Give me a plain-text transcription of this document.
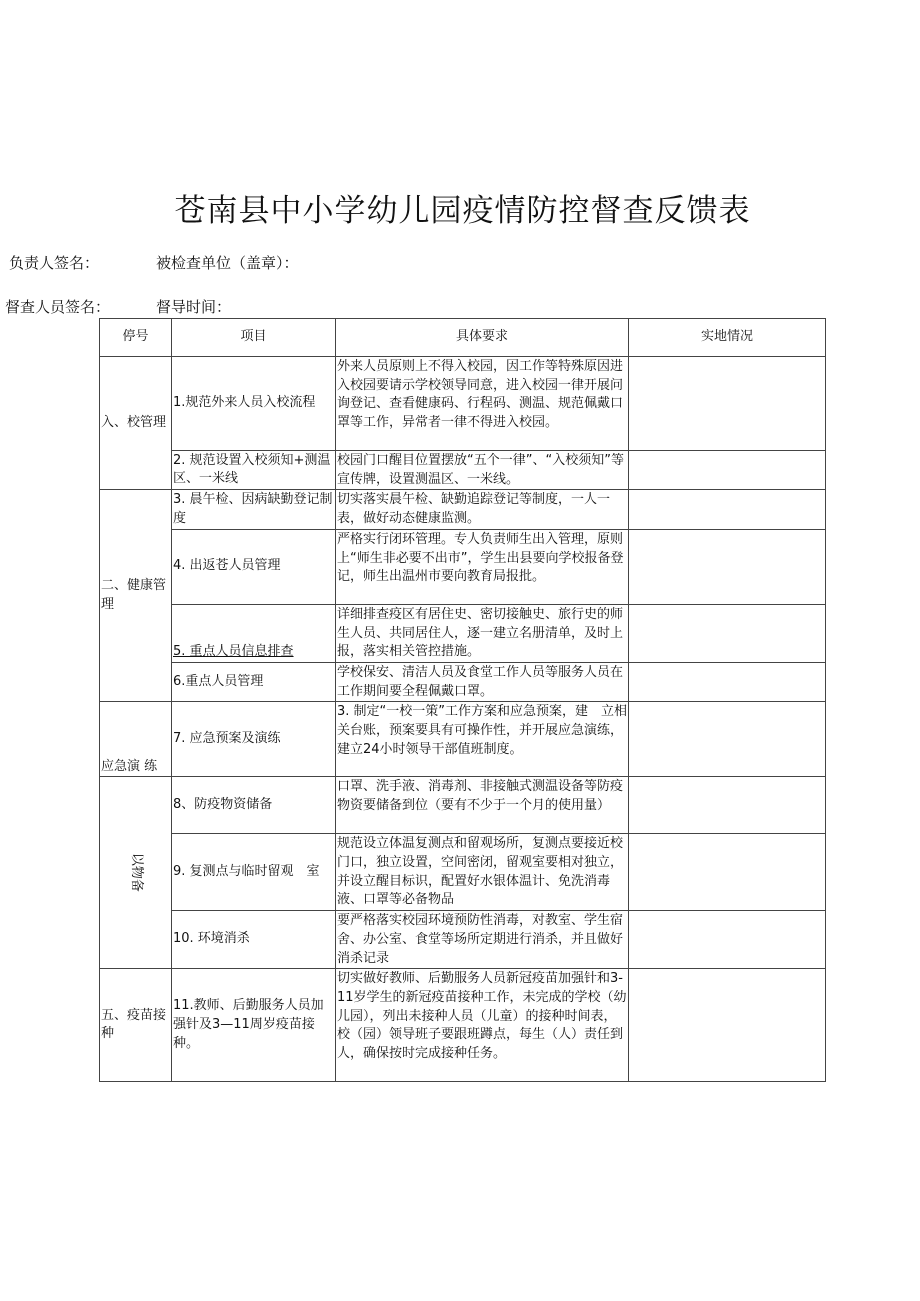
苍南县中小学幼儿园疫情防控督查反馈表
负责人签名：	被检查单位（盖章）：
督查人员签名：	督导时间：
停号	项目	具体要求	实地情况
入、校管理	1.规范外来人员入校流程	外来人员原则上不得入校园，因工作等特殊原因进入校园要请示学校领导同意，进入校园一律开展问询登记、查看健康码、行程码、测温、规范佩戴口罩等工作，异常者一律不得进入校园。	
	2. 规范设置入校须知+测温区、一米线	校园门口醒目位置摆放“五个一律”、“入校须知”等宣传牌，设置测温区、一米线。	
二、健康管理	3. 晨午检、因病缺勤登记制度	切实落实晨午检、缺勤追踪登记等制度，一人一表，做好动态健康监测。	
	4. 出返苍人员管理	严格实行闭环管理。专人负责师生出入管理，原则上“师生非必要不出市”，学生出县要向学校报备登记，师生出温州市要向教育局报批。	
	5. 重点人员信息排查	详细排查疫区有居住史、密切接触史、旅行史的师生人员、共同居住人，逐一建立名册清单，及时上报，落实相关管控措施。	
	6.重点人员管理	学校保安、清洁人员及食堂工作人员等服务人员在工作期间要全程佩戴口罩。	
应急演 练	7. 应急预案及演练	3. 制定“一校一策”工作方案和应急预案，建　立相关台账，预案要具有可操作性，并开展应急演练，建立24小时领导干部值班制度。	
以物备	8、防疫物资储备	口罩、洗手液、消毒剂、非接触式测温设备等防疫物资要储备到位（要有不少于一个月的使用量）	
	9. 复测点与临时留观　室	规范设立体温复测点和留观场所，复测点要接近校门口，独立设置，空间密闭，留观室要相对独立，并设立醒目标识，配置好水银体温计、免洗消毒液、口罩等必备物品	
	10. 环境消杀	要严格落实校园环境预防性消毒，对教室、学生宿舍、办公室、食堂等场所定期进行消杀，并且做好消杀记录	
五、疫苗接种	11.教师、后勤服务人员加强针及3—11周岁疫苗接种。	切实做好教师、后勤服务人员新冠疫苗加强针和3-11岁学生的新冠疫苗接种工作，未完成的学校（幼儿园），列出未接种人员（儿童）的接种时间表，校（园）领导班子要跟班蹲点，每生（人）责任到人，确保按时完成接种任务。	
